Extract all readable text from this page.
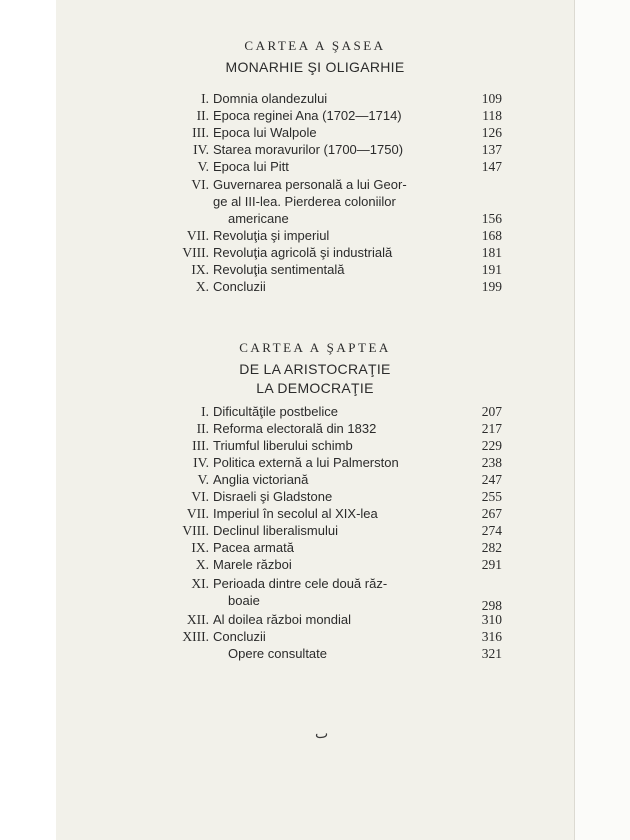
CARTEA A ŞASEA
MONARHIE ŞI OLIGARHIE
I. Domnia olandezului	109
II. Epoca reginei Ana (1702—1714)	118
III. Epoca lui Walpole	126
IV. Starea moravurilor (1700—1750)	137
V. Epoca lui Pitt	147
VI. Guvernarea personală a lui Geor-
ge al III-lea. Pierderea coloniilor
americane	156
VII. Revoluţia şi imperiul	168
VIII. Revoluţia agricolă şi industrială	181
IX. Revoluţia sentimentală	191
X. Concluzii	199
CARTEA A ŞAPTEA
DE LA ARISTOCRAŢIE
LA DEMOCRAŢIE
I. Dificultăţile postbelice	207
II. Reforma electorală din 1832	217
III. Triumful liberului schimb	229
IV. Politica externă a lui Palmerston	238
V. Anglia victoriană	247
VI. Disraeli şi Gladstone	255
VII. Imperiul în secolul al XIX-lea	267
VIII. Declinul liberalismului	274
IX. Pacea armată	282
X. Marele război	291
XI. Perioada dintre cele două răz-
boaie	298
XII. Al doilea război mondial	310
XIII. Concluzii	316
Opere consultate	321
ٮ
